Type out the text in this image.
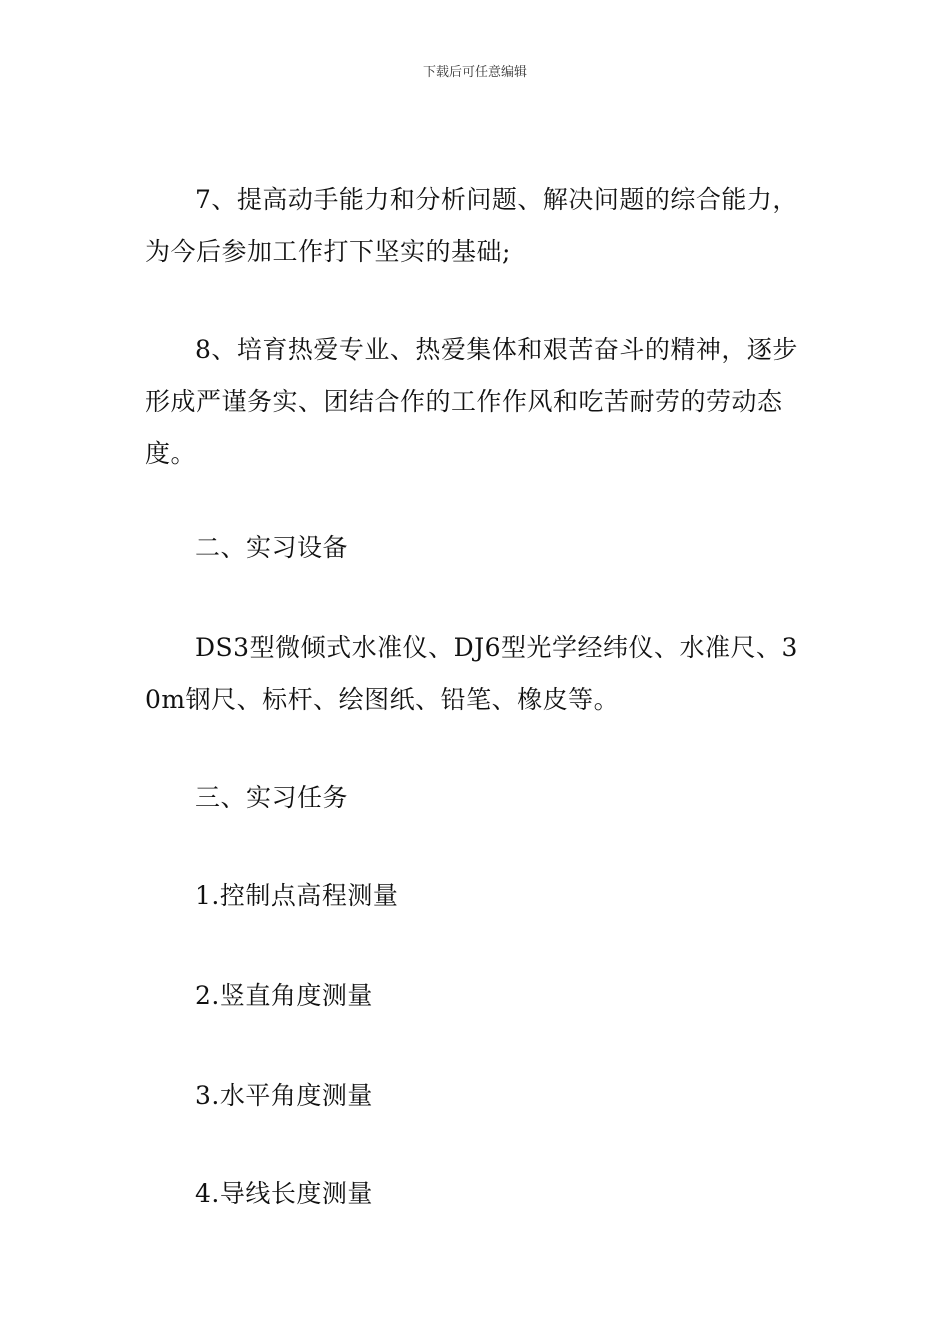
下载后可任意编辑

7、提高动手能力和分析问题、解决问题的综合能力，为今后参加工作打下坚实的基础;

8、培育热爱专业、热爱集体和艰苦奋斗的精神，逐步形成严谨务实、团结合作的工作作风和吃苦耐劳的劳动态度。

二、实习设备

DS3型微倾式水准仪、DJ6型光学经纬仪、水准尺、30m钢尺、标杆、绘图纸、铅笔、橡皮等。

三、实习任务

1.控制点高程测量

2.竖直角度测量

3.水平角度测量

4.导线长度测量
